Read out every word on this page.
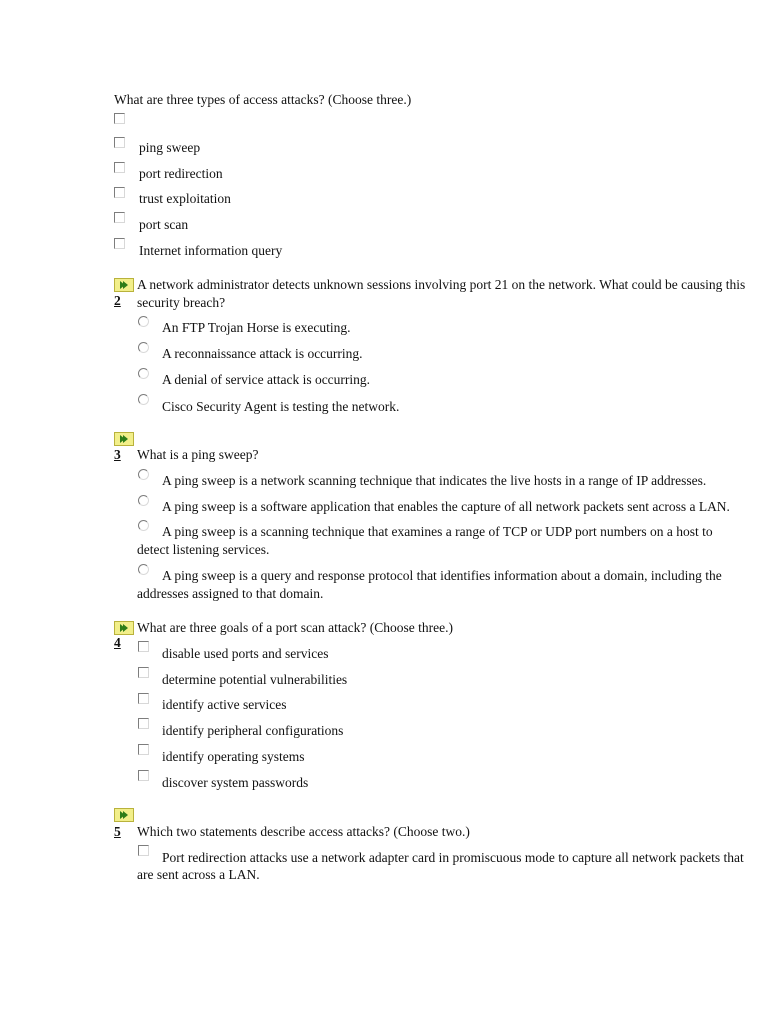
What are three types of access attacks? (Choose three.)
ping sweep
port redirection
trust exploitation
port scan
Internet information query
2
A network administrator detects unknown sessions involving port 21 on the network. What could be causing this
security breach?
An FTP Trojan Horse is executing.
A reconnaissance attack is occurring.
A denial of service attack is occurring.
Cisco Security Agent is testing the network.
3 What is a ping sweep?
A ping sweep is a network scanning technique that indicates the live hosts in a range of IP addresses.
A ping sweep is a software application that enables the capture of all network packets sent across a LAN.
A ping sweep is a scanning technique that examines a range of TCP or UDP port numbers on a host to
detect listening services.
A ping sweep is a query and response protocol that identifies information about a domain, including the
addresses assigned to that domain.
4
What are three goals of a port scan attack? (Choose three.)
disable used ports and services
determine potential vulnerabilities
identify active services
identify peripheral configurations
identify operating systems
discover system passwords
5 Which two statements describe access attacks? (Choose two.)
Port redirection attacks use a network adapter card in promiscuous mode to capture all network packets that
are sent across a LAN.
